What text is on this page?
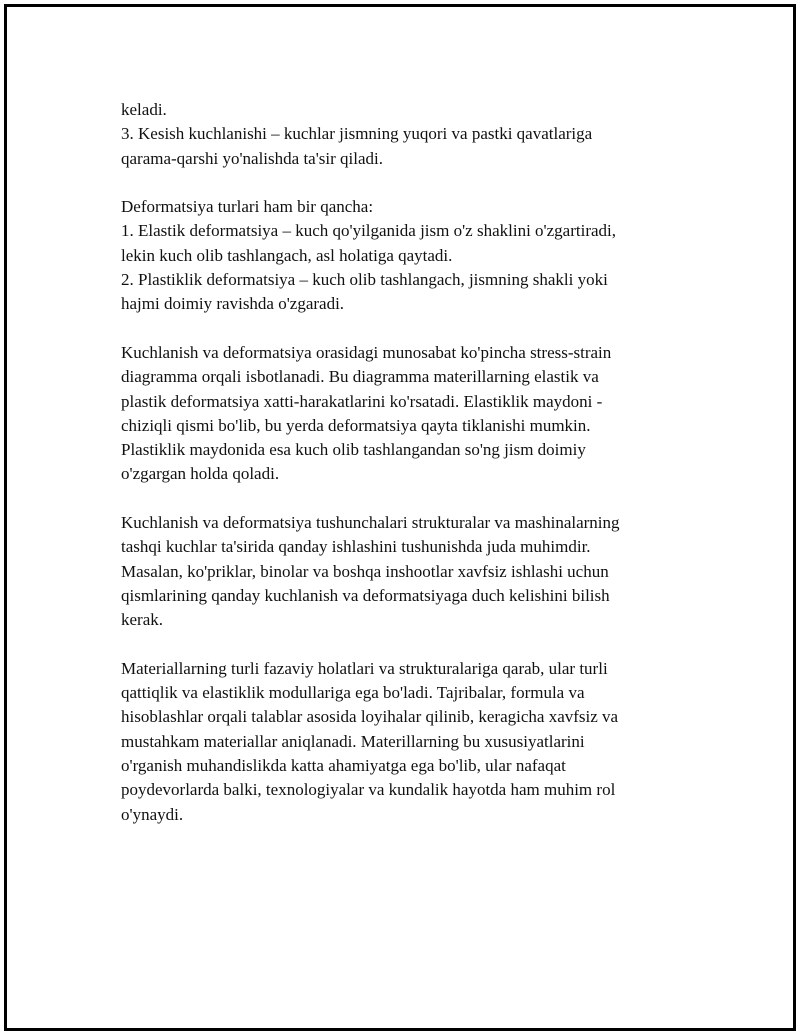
keladi.
3. Kesish kuchlanishi – kuchlar jismning yuqori va pastki qavatlariga
qarama-qarshi yo'nalishda ta'sir qiladi.
Deformatsiya turlari ham bir qancha:
1. Elastik deformatsiya – kuch qo'yilganida jism o'z shaklini o'zgartiradi,
lekin kuch olib tashlangach, asl holatiga qaytadi.
2. Plastiklik deformatsiya – kuch olib tashlangach, jismning shakli yoki
hajmi doimiy ravishda o'zgaradi.
Kuchlanish va deformatsiya orasidagi munosabat ko'pincha stress-strain
diagramma orqali isbotlanadi. Bu diagramma materillarning elastik va
plastik deformatsiya xatti-harakatlarini ko'rsatadi. Elastiklik maydoni -
chiziqli qismi bo'lib, bu yerda deformatsiya qayta tiklanishi mumkin.
Plastiklik maydonida esa kuch olib tashlangandan so'ng jism doimiy
o'zgargan holda qoladi.
Kuchlanish va deformatsiya tushunchalari strukturalar va mashinalarning
tashqi kuchlar ta'sirida qanday ishlashini tushunishda juda muhimdir.
Masalan, ko'priklar, binolar va boshqa inshootlar xavfsiz ishlashi uchun
qismlarining qanday kuchlanish va deformatsiyaga duch kelishini bilish
kerak.
Materiallarning turli fazaviy holatlari va strukturalariga qarab, ular turli
qattiqlik va elastiklik modullariga ega bo'ladi. Tajribalar, formula va
hisoblashlar orqali talablar asosida loyihalar qilinib, keragicha xavfsiz va
mustahkam materiallar aniqlanadi. Materillarning bu xususiyatlarini
o'rganish muhandislikda katta ahamiyatga ega bo'lib, ular nafaqat
poydevorlarda balki, texnologiyalar va kundalik hayotda ham muhim rol
o'ynaydi.
